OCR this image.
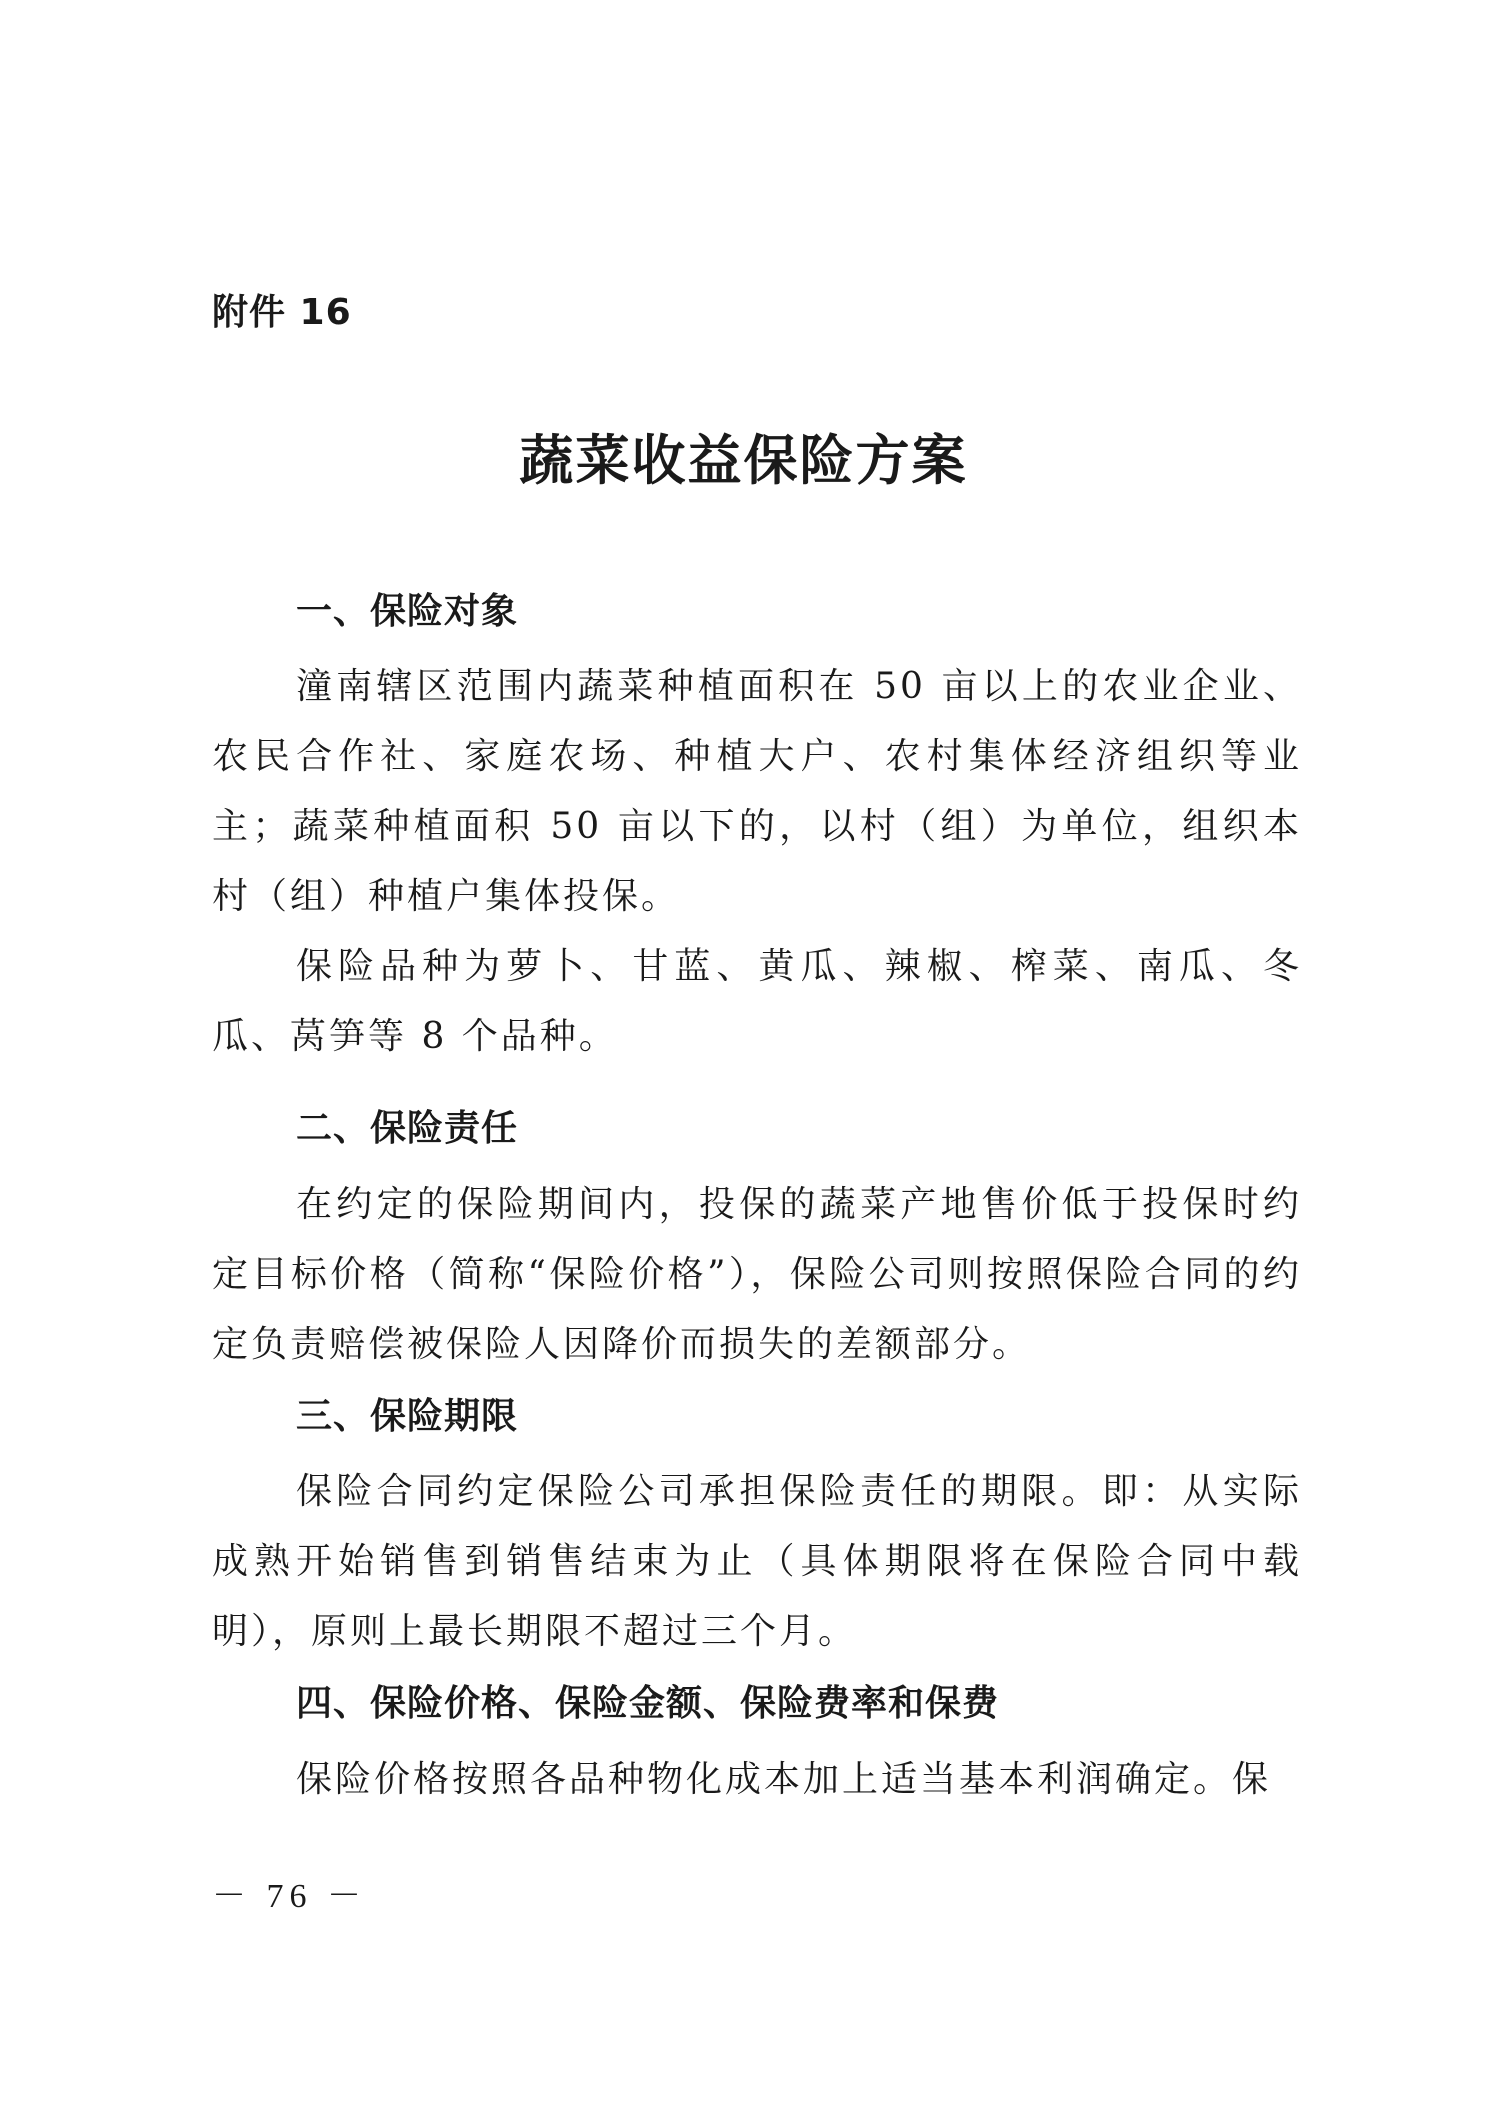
附件 16
蔬菜收益保险方案
一、保险对象
潼南辖区范围内蔬菜种植面积在 50 亩以上的农业企业、农民合作社、家庭农场、种植大户、农村集体经济组织等业主；蔬菜种植面积 50 亩以下的，以村（组）为单位，组织本村（组）种植户集体投保。
保险品种为萝卜、甘蓝、黄瓜、辣椒、榨菜、南瓜、冬瓜、莴笋等 8 个品种。
二、保险责任
在约定的保险期间内，投保的蔬菜产地售价低于投保时约定目标价格（简称“保险价格”），保险公司则按照保险合同的约定负责赔偿被保险人因降价而损失的差额部分。
三、保险期限
保险合同约定保险公司承担保险责任的期限。即：从实际成熟开始销售到销售结束为止（具体期限将在保险合同中载明），原则上最长期限不超过三个月。
四、保险价格、保险金额、保险费率和保费
保险价格按照各品种物化成本加上适当基本利润确定。保
－ 76 －
